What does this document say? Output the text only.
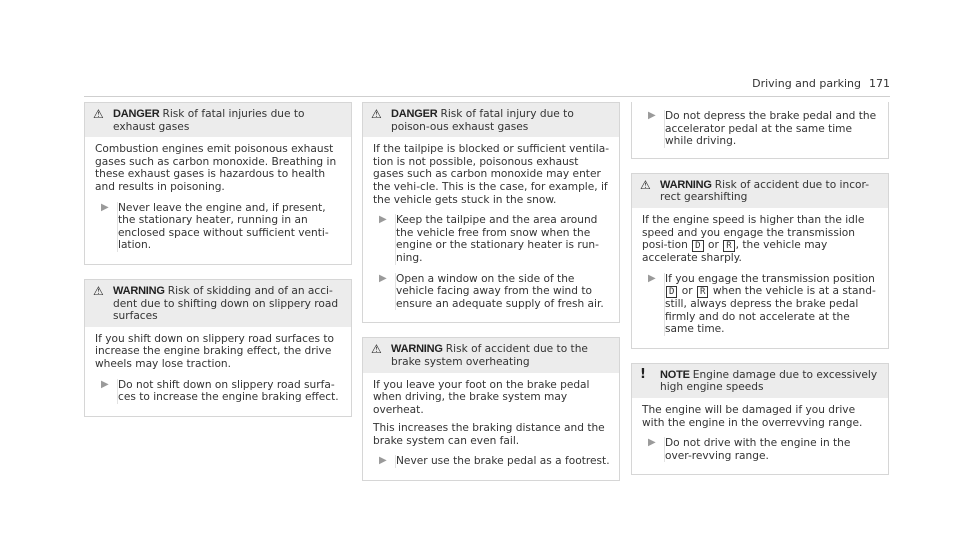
Driving and parking 171
⚠
DANGER Risk of fatal injuries due to exhaust gases

Combustion engines emit poisonous exhaust gases such as carbon monoxide. Breathing in these exhaust gases is hazardous to health and results in poisoning.

▶
Never leave the engine and, if present, the stationary heater, running in an enclosed space without sufficient venti-lation.
⚠
WARNING Risk of skidding and of an acci-dent due to shifting down on slippery road surfaces

If you shift down on slippery road surfaces to increase the engine braking effect, the drive wheels may lose traction.

▶
Do not shift down on slippery road surfa-ces to increase the engine braking effect.
⚠
DANGER Risk of fatal injury due to poison-ous exhaust gases

If the tailpipe is blocked or sufficient ventila-tion is not possible, poisonous exhaust gases such as carbon monoxide may enter the vehi-cle. This is the case, for example, if the vehicle gets stuck in the snow.

▶
Keep the tailpipe and the area around the vehicle free from snow when the engine or the stationary heater is run-ning.
▶
Open a window on the side of the vehicle facing away from the wind to ensure an adequate supply of fresh air.
⚠
WARNING Risk of accident due to the brake system overheating

If you leave your foot on the brake pedal when driving, the brake system may overheat.

This increases the braking distance and the brake system can even fail.

▶
Never use the brake pedal as a footrest.
▶
Do not depress the brake pedal and the accelerator pedal at the same time while driving.
⚠
WARNING Risk of accident due to incor-rect gearshifting

If the engine speed is higher than the idle speed and you engage the transmission posi-tion D or R , the vehicle may accelerate sharply.

▶
If you engage the transmission position D or R when the vehicle is at a stand-still, always depress the brake pedal firmly and do not accelerate at the same time.
!	NOTE Engine damage due to excessively high engine speeds

The engine will be damaged if you drive with the engine in the overrevving range.

▶
Do not drive with the engine in the over-revving range.
